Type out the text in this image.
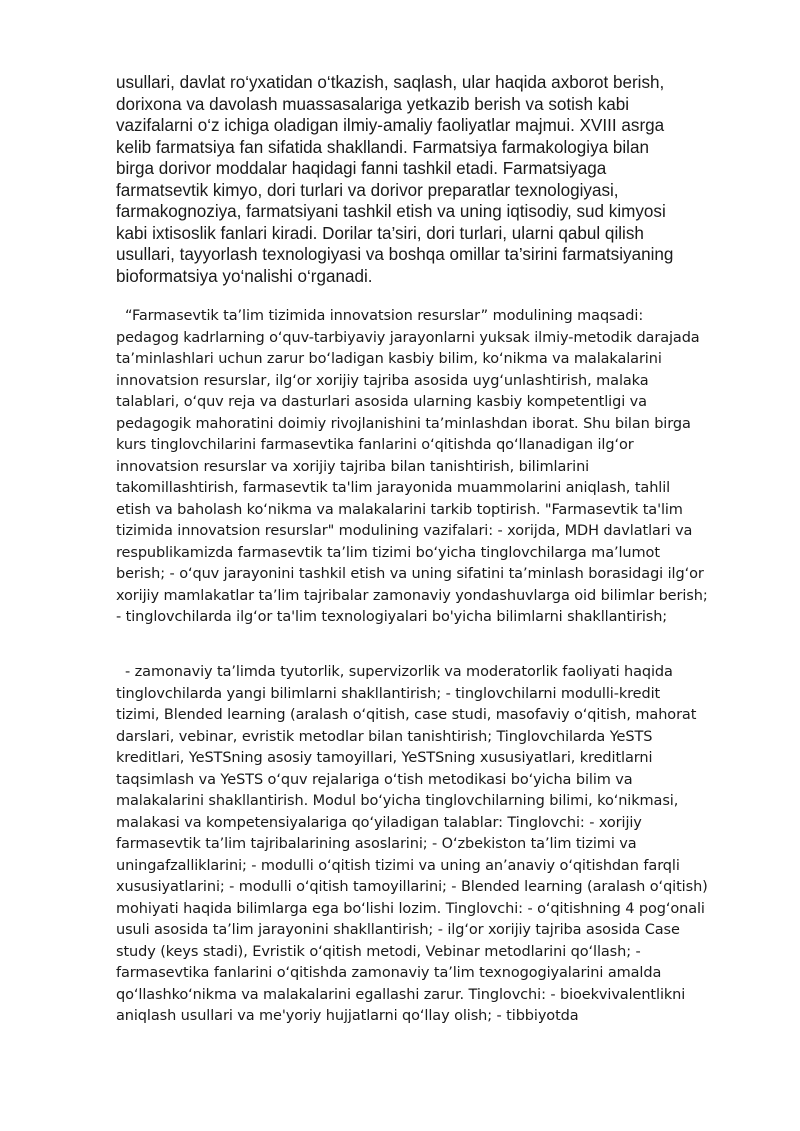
usullari, davlat ro‘yxatidan o‘tkazish, saqlash, ular haqida axborot berish,
dorixona va davolash muassasalariga yetkazib berish va sotish kabi
vazifalarni o‘z ichiga oladigan ilmiy-amaliy faoliyatlar majmui. XVIII asrga
kelib farmatsiya fan sifatida shakllandi. Farmatsiya farmakologiya bilan
birga dorivor moddalar haqidagi fanni tashkil etadi. Farmatsiyaga
farmatsevtik kimyo, dori turlari va dorivor preparatlar texnologiyasi,
farmakognoziya, farmatsiyani tashkil etish va uning iqtisodiy, sud kimyosi
kabi ixtisoslik fanlari kiradi. Dorilar ta’siri, dori turlari, ularni qabul qilish
usullari, tayyorlash texnologiyasi va boshqa omillar ta’sirini farmatsiyaning
bioformatsiya yo‘nalishi o‘rganadi.

“Farmasevtik ta’lim tizimida innovatsion resurslar” modulining maqsadi:
pedagog kadrlarning o‘quv-tarbiyaviy jarayonlarni yuksak ilmiy-metodik darajada
ta’minlashlari uchun zarur bo‘ladigan kasbiy bilim, ko‘nikma va malakalarini
innovatsion resurslar, ilg‘or xorijiy tajriba asosida uyg‘unlashtirish, malaka
talablari, o‘quv reja va dasturlari asosida ularning kasbiy kompetentligi va
pedagogik mahoratini doimiy rivojlanishini ta’minlashdan iborat. Shu bilan birga
kurs tinglovchilarini farmasevtika fanlarini o‘qitishda qo‘llanadigan ilg‘or
innovatsion resurslar va xorijiy tajriba bilan tanishtirish, bilimlarini
takomillashtirish, farmasevtik ta'lim jarayonida muammolarini aniqlash, tahlil
etish va baholash ko‘nikma va malakalarini tarkib toptirish. "Farmasevtik ta'lim
tizimida innovatsion resurslar" modulining vazifalari: - xorijda, MDH davlatlari va
respublikamizda farmasevtik ta’lim tizimi bo‘yicha tinglovchilarga ma’lumot
berish; - o‘quv jarayonini tashkil etish va uning sifatini ta’minlash borasidagi ilg‘or
xorijiy mamlakatlar ta’lim tajribalar zamonaviy yondashuvlarga oid bilimlar berish;
- tinglovchilarda ilg‘or ta'lim texnologiyalari bo'yicha bilimlarni shakllantirish;

- zamonaviy ta’limda tyutorlik, supervizorlik va moderatorlik faoliyati haqida
tinglovchilarda yangi bilimlarni shakllantirish; - tinglovchilarni modulli-kredit
tizimi, Blended learning (aralash o‘qitish, case studi, masofaviy o‘qitish, mahorat
darslari, vebinar, evristik metodlar bilan tanishtirish; Tinglovchilarda YeSTS
kreditlari, YeSTSning asosiy tamoyillari, YeSTSning xususiyatlari, kreditlarni
taqsimlash va YeSTS o‘quv rejalariga o‘tish metodikasi bo‘yicha bilim va
malakalarini shakllantirish. Modul bo‘yicha tinglovchilarning bilimi, ko‘nikmasi,
malakasi va kompetensiyalariga qo‘yiladigan talablar: Tinglovchi: - xorijiy
farmasevtik ta’lim tajribalarining asoslarini; - O‘zbekiston ta’lim tizimi va
uningafzalliklarini; - modulli o‘qitish tizimi va uning an’anaviy o‘qitishdan farqli
xususiyatlarini; - modulli o‘qitish tamoyillarini; - Blended learning (aralash o‘qitish)
mohiyati haqida bilimlarga ega bo‘lishi lozim. Tinglovchi: - o‘qitishning 4 pog‘onali
usuli asosida ta’lim jarayonini shakllantirish; - ilg‘or xorijiy tajriba asosida Case
study (keys stadi), Evristik o‘qitish metodi, Vebinar metodlarini qo‘llash; -
farmasevtika fanlarini o‘qitishda zamonaviy ta’lim texnogogiyalarini amalda
qo‘llashko‘nikma va malakalarini egallashi zarur. Tinglovchi: - bioekvivalentlikni
aniqlash usullari va me'yoriy hujjatlarni qo‘llay olish; - tibbiyotda
